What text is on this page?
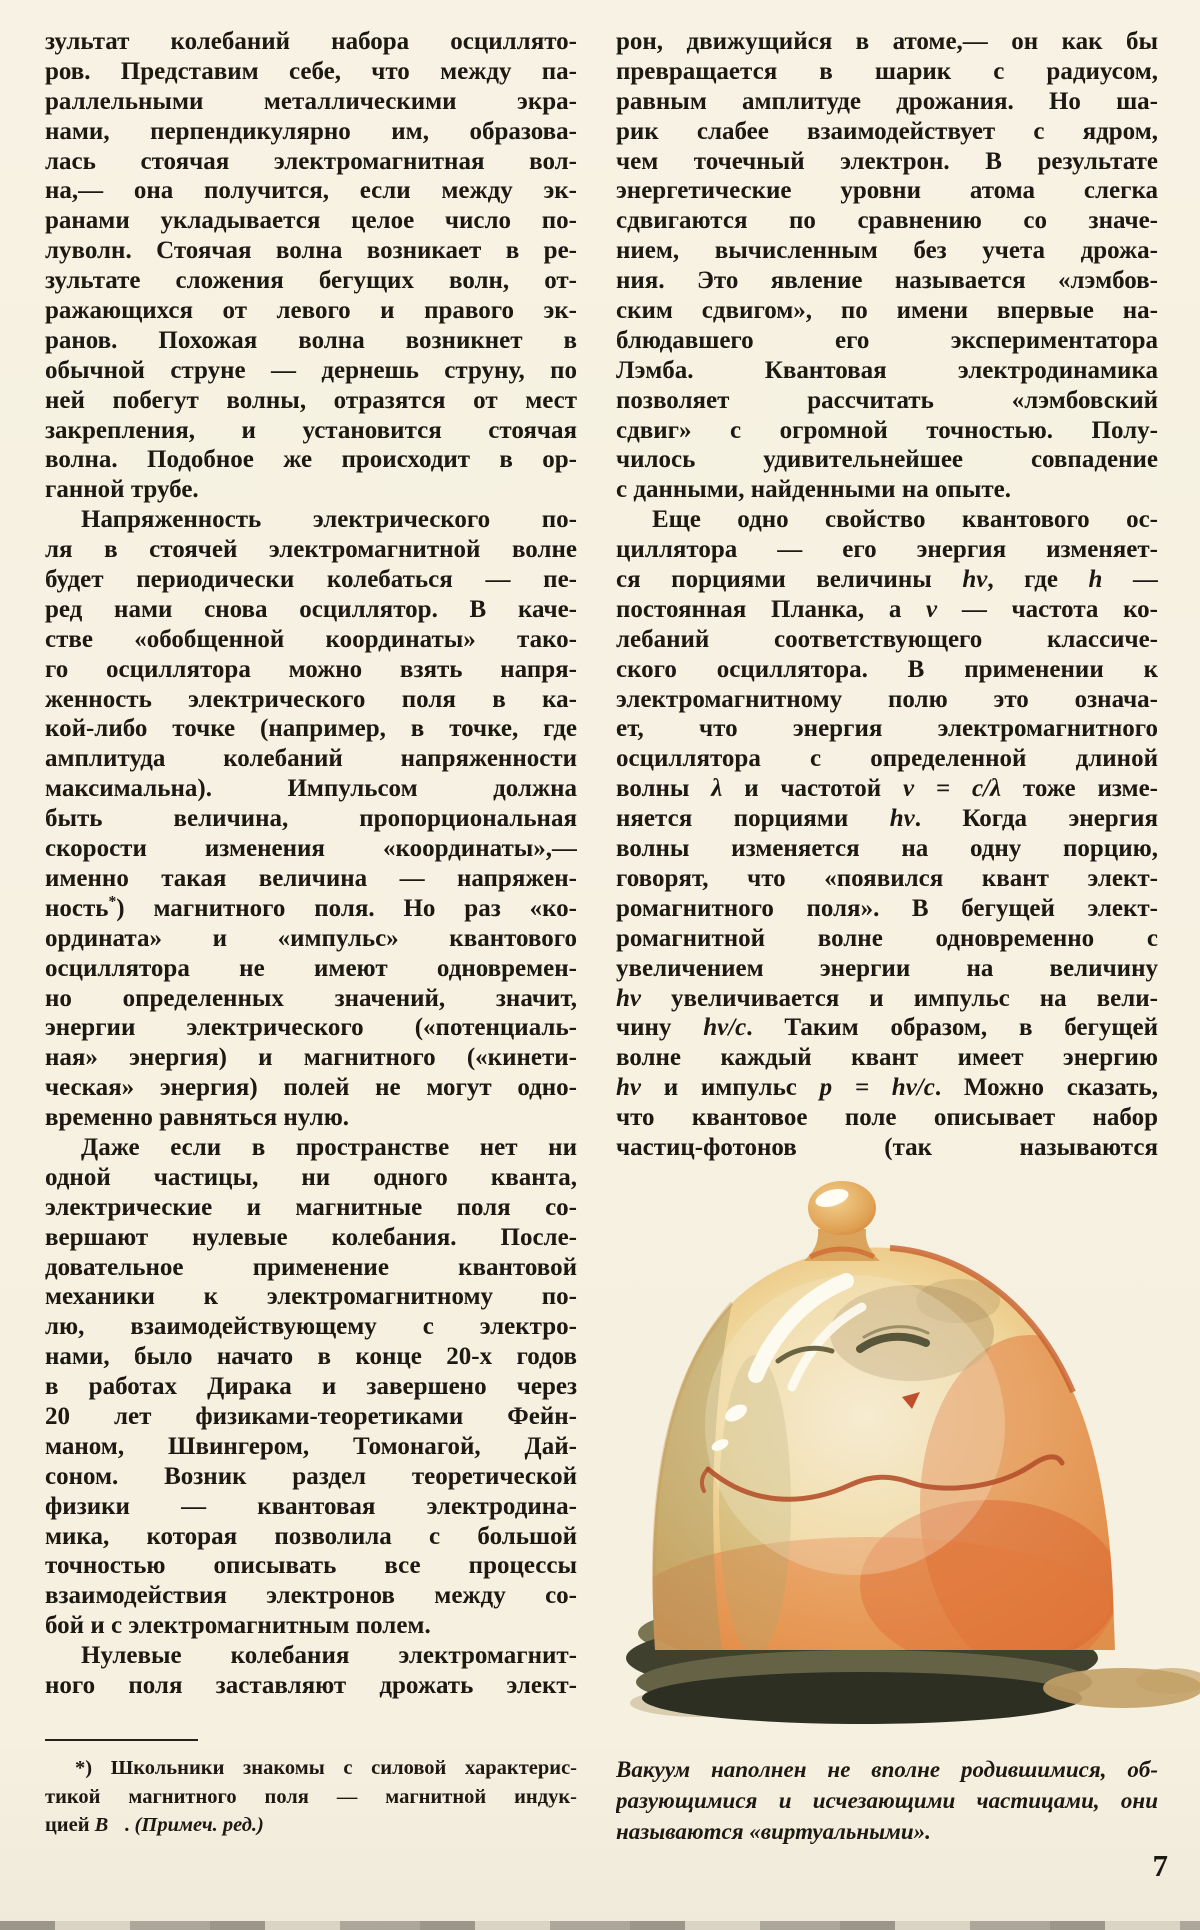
зультат колебаний набора осциллято-
ров. Представим себе, что между па-
раллельными металлическими экра-
нами, перпендикулярно им, образова-
лась стоячая электромагнитная вол-
на,— она получится, если между эк-
ранами укладывается целое число по-
луволн. Стоячая волна возникает в ре-
зультате сложения бегущих волн, от-
ражающихся от левого и правого эк-
ранов. Похожая волна возникнет в
обычной струне — дернешь струну, по
ней побегут волны, отразятся от мест
закрепления, и установится стоячая
волна. Подобное же происходит в ор-
ганной трубе.
Напряженность электрического по-
ля в стоячей электромагнитной волне
будет периодически колебаться — пе-
ред нами снова осциллятор. В каче-
стве «обобщенной координаты» тако-
го осциллятора можно взять напря-
женность электрического поля в ка-
кой-либо точке (например, в точке, где
амплитуда колебаний напряженности
максимальна). Импульсом должна
быть величина, пропорциональная
скорости изменения «координаты»,—
именно такая величина — напряжен-
ность*) магнитного поля. Но раз «ко-
ордината» и «импульс» квантового
осциллятора не имеют одновремен-
но определенных значений, значит,
энергии электрического («потенциаль-
ная» энергия) и магнитного («кинети-
ческая» энергия) полей не могут одно-
временно равняться нулю.
Даже если в пространстве нет ни
одной частицы, ни одного кванта,
электрические и магнитные поля со-
вершают нулевые колебания. После-
довательное применение квантовой
механики к электромагнитному по-
лю, взаимодействующему с электро-
нами, было начато в конце 20-х годов
в работах Дирака и завершено через
20 лет физиками-теоретиками Фейн-
маном, Швингером, Томонагой, Дай-
соном. Возник раздел теоретической
физики — квантовая электродина-
мика, которая позволила с большой
точностью описывать все процессы
взаимодействия электронов между со-
бой и с электромагнитным полем.
Нулевые колебания электромагнит-
ного поля заставляют дрожать элект-
рон, движущийся в атоме,— он как бы
превращается в шарик с радиусом,
равным амплитуде дрожания. Но ша-
рик слабее взаимодействует с ядром,
чем точечный электрон. В результате
энергетические уровни атома слегка
сдвигаются по сравнению со значе-
нием, вычисленным без учета дрожа-
ния. Это явление называется «лэмбов-
ским сдвигом», по имени впервые на-
блюдавшего его экспериментатора
Лэмба. Квантовая электродинамика
позволяет рассчитать «лэмбовский
сдвиг» с огромной точностью. Полу-
чилось удивительнейшее совпадение
с данными, найденными на опыте.
Еще одно свойство квантового ос-
циллятора — его энергия изменяет-
ся порциями величины hν, где h —
постоянная Планка, а ν — частота ко-
лебаний соответствующего классиче-
ского осциллятора. В применении к
электромагнитному полю это означа-
ет, что энергия электромагнитного
осциллятора с определенной длиной
волны λ и частотой ν = c/λ тоже изме-
няется порциями hν. Когда энергия
волны изменяется на одну порцию,
говорят, что «появился квант элект-
ромагнитного поля». В бегущей элект-
ромагнитной волне одновременно с
увеличением энергии на величину
hν увеличивается и импульс на вели-
чину hν/c. Таким образом, в бегущей
волне каждый квант имеет энергию
hν и импульс p = hν/c. Можно сказать,
что квантовое поле описывает набор
частиц-фотонов (так называются
*) Школьники знакомы с силовой характерис-
тикой магнитного поля — магнитной индук-
цией B⃗. (Примеч. ред.)
Вакуум наполнен не вполне родившимися, об-
разующимися и исчезающими частицами, они
называются «виртуальными».
7
